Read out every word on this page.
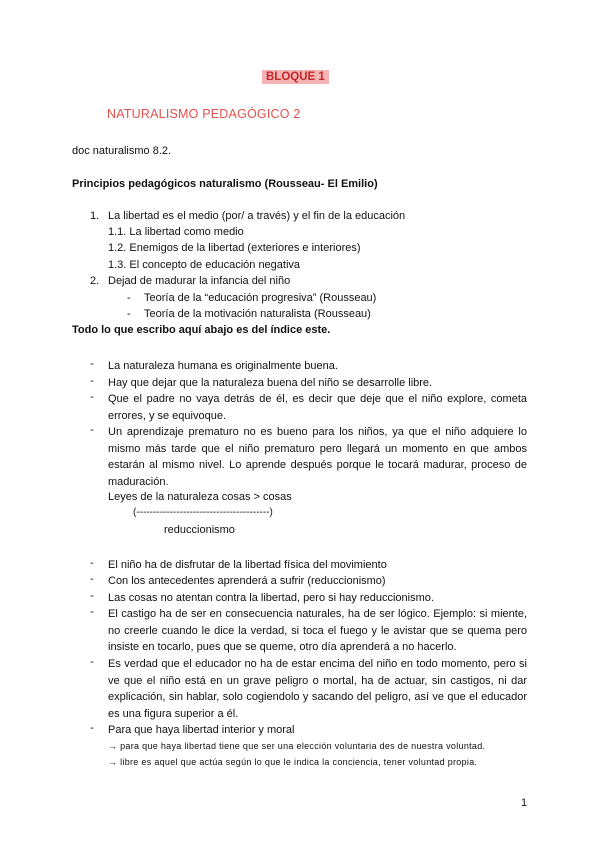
BLOQUE 1
NATURALISMO PEDAGÓGICO 2
doc naturalismo 8.2.
Principios pedagógicos naturalismo (Rousseau- El Emilio)
1. La libertad es el medio (por/ a través) y el fin de la educación
1.1. La libertad como medio
1.2. Enemigos de la libertad (exteriores e interiores)
1.3. El concepto de educación negativa
2. Dejad de madurar la infancia del niño
- Teoría de la “educación progresiva” (Rousseau)
- Teoría de la motivación naturalista (Rousseau)
Todo lo que escribo aquí abajo es del índice este.
- La naturaleza humana es originalmente buena.
- Hay que dejar que la naturaleza buena del niño se desarrolle libre.
- Que el padre no vaya detrás de él, es decir que deje que el niño explore, cometa errores, y se equivoque.
- Un aprendizaje prematuro no es bueno para los niños, ya que el niño adquiere lo mismo más tarde que el niño prematuro pero llegará un momento en que ambos estarán al mismo nivel. Lo aprende después porque le tocará madurar, proceso de maduración.
Leyes de la naturaleza cosas > cosas
(----------------------------------------)
reduccionismo
- El niño ha de disfrutar de la libertad física del movimiento
- Con los antecedentes aprenderá a sufrir (reduccionismo)
- Las cosas no atentan contra la libertad, pero si hay reduccionismo.
- El castigo ha de ser en consecuencia naturales, ha de ser lógico. Ejemplo: si miente, no creerle cuando le dice la verdad, si toca el fuego y le avistar que se quema pero insiste en tocarlo, pues que se queme, otro día aprenderá a no hacerlo.
- Es verdad que el educador no ha de estar encima del niño en todo momento, pero si ve que el niño está en un grave peligro o mortal, ha de actuar, sin castigos, ni dar explicación, sin hablar, solo cogiendolo y sacando del peligro, así ve que el educador es una figura superior a él.
- Para que haya libertad interior y moral
→ para que haya libertad tiene que ser una elección voluntaria des de nuestra voluntad.
→ libre es aquel que actúa según lo que le indica la conciencia, tener voluntad propia.
1
